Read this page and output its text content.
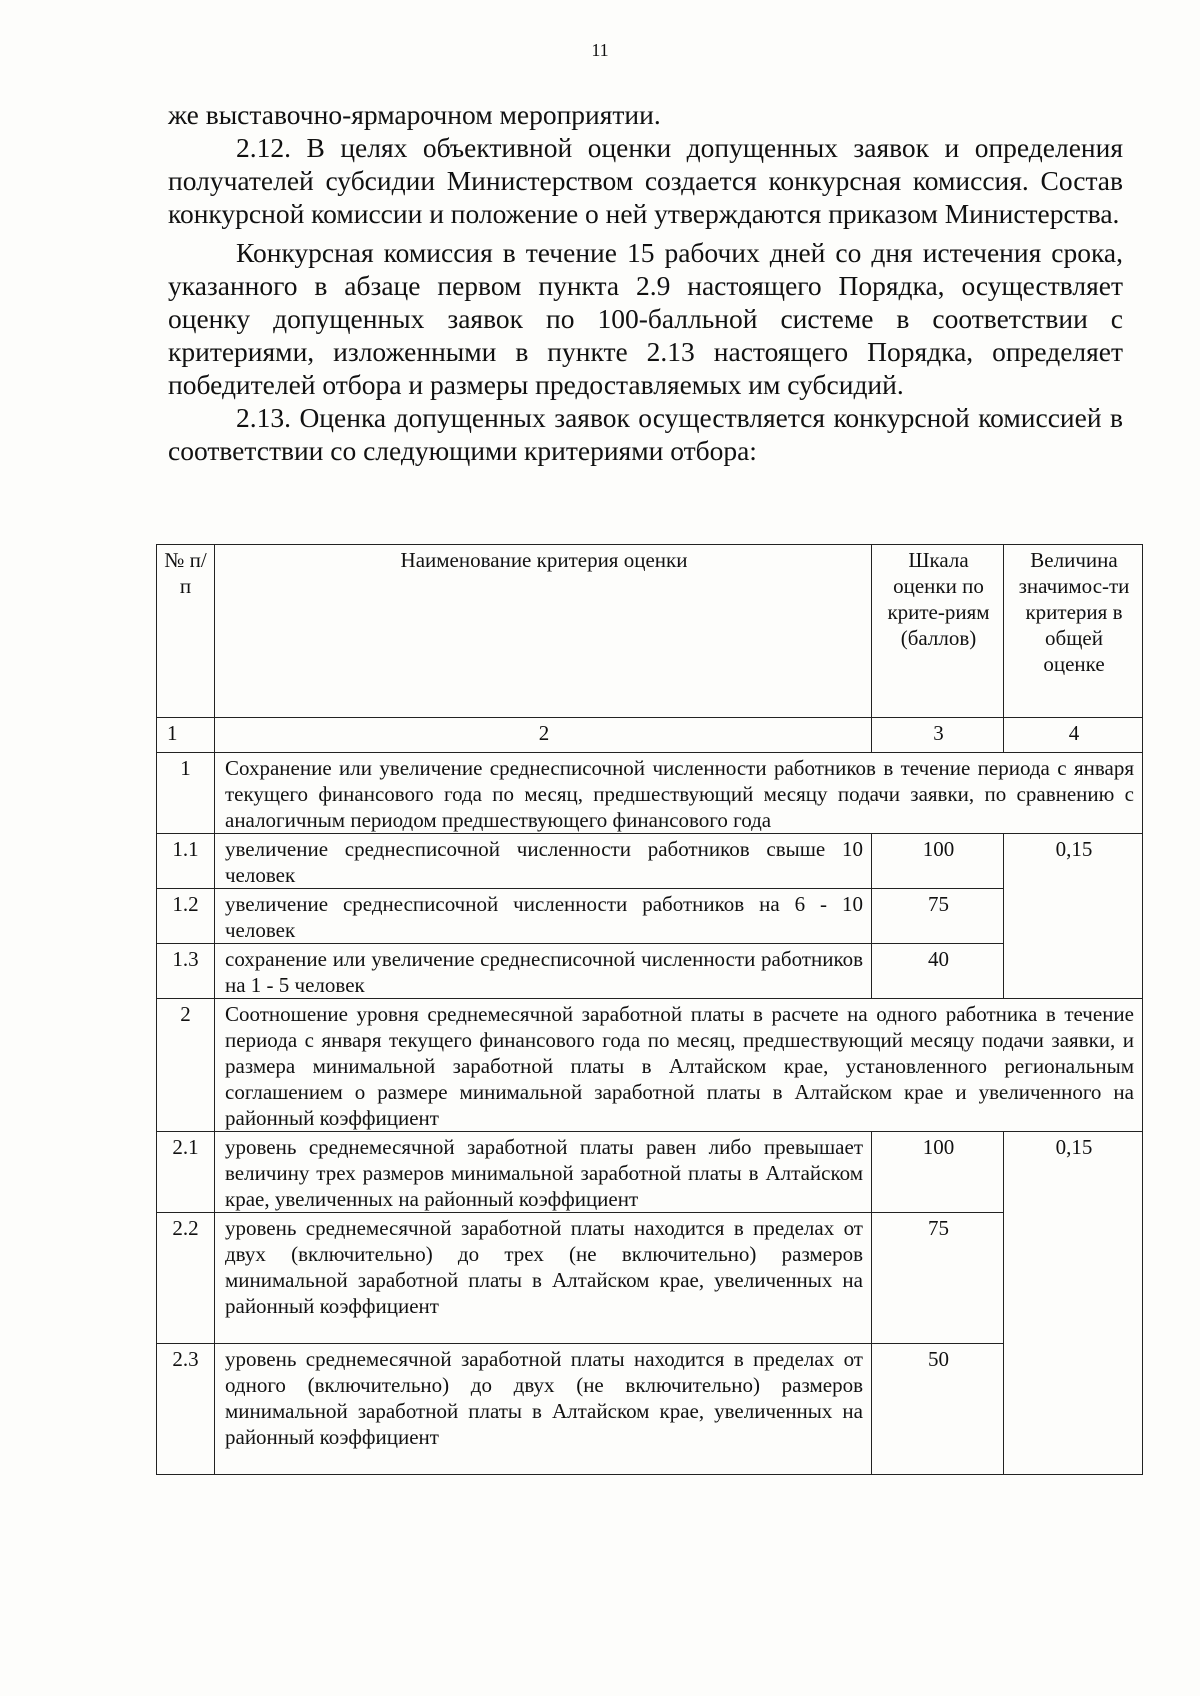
11

же выставочно-ярмарочном мероприятии.

2.12. В целях объективной оценки допущенных заявок и определения получателей субсидии Министерством создается конкурсная комиссия. Состав конкурсной комиссии и положение о ней утверждаются приказом Министерства.

Конкурсная комиссия в течение 15 рабочих дней со дня истечения срока, указанного в абзаце первом пункта 2.9 настоящего Порядка, осуществляет оценку допущенных заявок по 100-балльной системе в соответствии с критериями, изложенными в пункте 2.13 настоящего Порядка, определяет победителей отбора и размеры предоставляемых им субсидий.

2.13. Оценка допущенных заявок осуществляется конкурсной комиссией в соответствии со следующими критериями отбора:

№ п/п	Наименование критерия оценки	Шкала оценки по крите-риям (баллов)	Величина значимос-ти критерия в общей оценке
1	2	3	4
1	Сохранение или увеличение среднесписочной численности работников в течение периода с января текущего финансового года по месяц, предшествующий месяцу подачи заявки, по сравнению с аналогичным периодом предшествующего финансового года		
1.1	увеличение среднесписочной численности работников свыше 10 человек	100	0,15
1.2	увеличение среднесписочной численности работников на 6 - 10 человек	75	
1.3	сохранение или увеличение среднесписочной численности работников на 1 - 5 человек	40	
2	Соотношение уровня среднемесячной заработной платы в расчете на одного работника в течение периода с января текущего финансового года по месяц, предшествующий месяцу подачи заявки, и размера минимальной заработной платы в Алтайском крае, установленного региональным соглашением о размере минимальной заработной платы в Алтайском крае и увеличенного на районный коэффициент		
2.1	уровень среднемесячной заработной платы равен либо превышает величину трех размеров минимальной заработной платы в Алтайском крае, увеличенных на районный коэффициент	100	0,15
2.2	уровень среднемесячной заработной платы находится в пределах от двух (включительно) до трех (не включительно) размеров минимальной заработной платы в Алтайском крае, увеличенных на районный коэффициент	75	
2.3	уровень среднемесячной заработной платы находится в пределах от одного (включительно) до двух (не включительно) размеров минимальной заработной платы в Алтайском крае, увеличенных на районный коэффициент	50	
